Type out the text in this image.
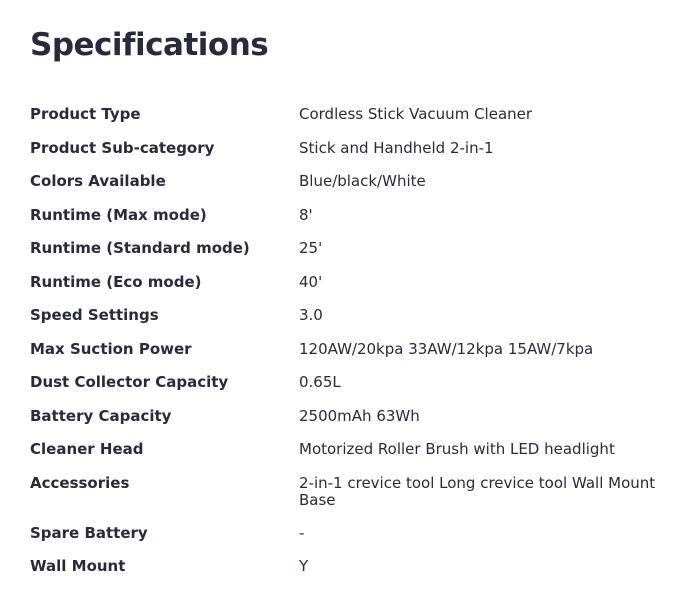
Specifications
Product Type	Cordless Stick Vacuum Cleaner
Product Sub-category	Stick and Handheld 2-in-1
Colors Available	Blue/black/White
Runtime (Max mode)	8'
Runtime (Standard mode)	25'
Runtime (Eco mode)	40'
Speed Settings	3.0
Max Suction Power	120AW/20kpa 33AW/12kpa 15AW/7kpa
Dust Collector Capacity	0.65L
Battery Capacity	2500mAh 63Wh
Cleaner Head	Motorized Roller Brush with LED headlight
Accessories	2-in-1 crevice tool Long crevice tool Wall Mount Base
Spare Battery	-
Wall Mount	Y
